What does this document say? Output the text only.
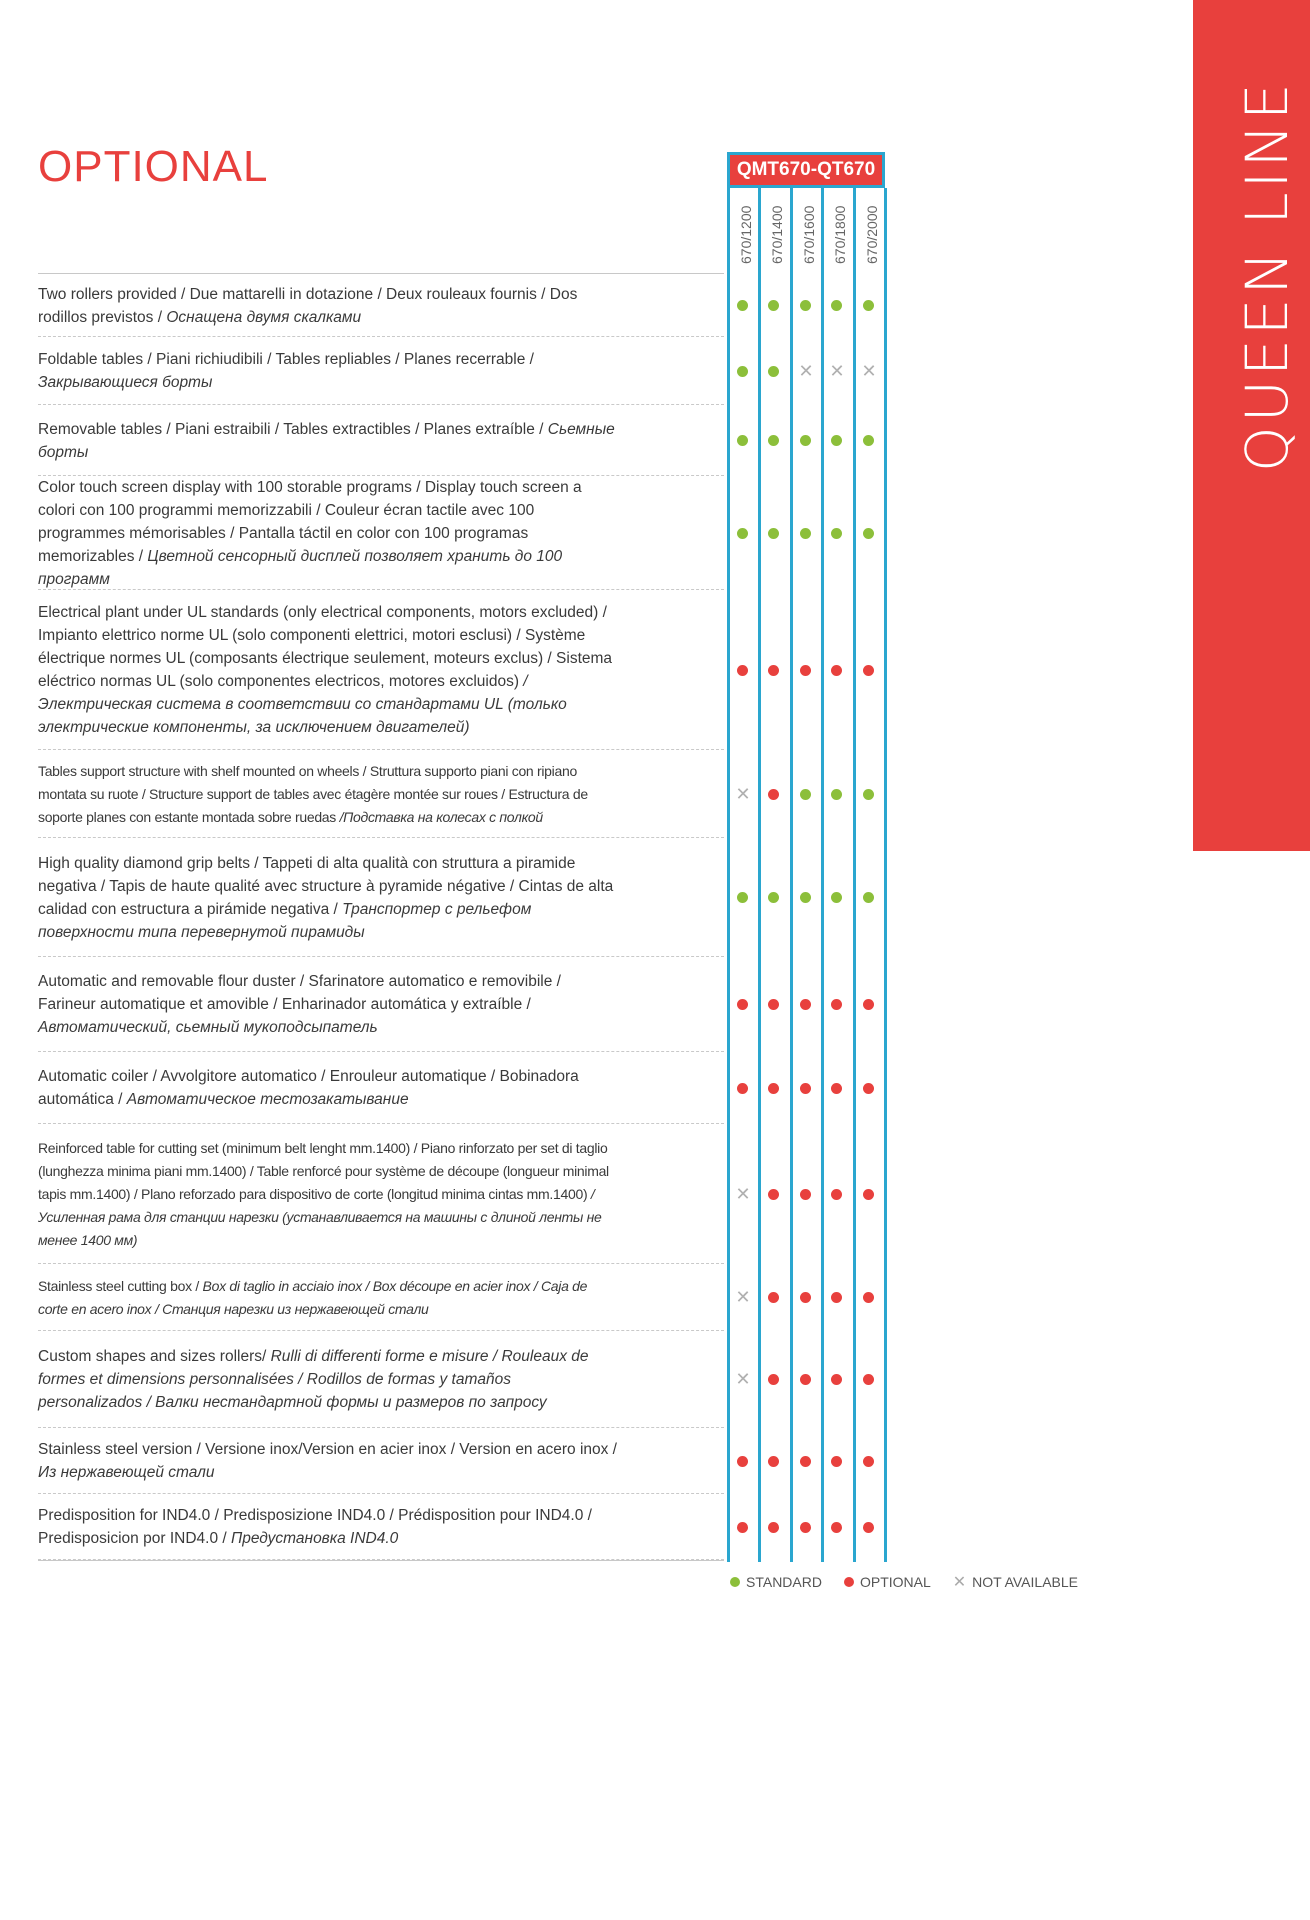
QUEEN LINE
OPTIONAL	QMT670-QT670
670/1200 670/1400 670/1600 670/1800 670/2000

Two rollers provided / Due mattarelli in dotazione / Deux rouleaux fournis / Dos rodillos previstos / Оснащена двумя скалками

Foldable tables / Piani richiudibili / Tables repliables / Planes recerrable / Закрывающиеся борты

Removable tables / Piani estraibili / Tables extractibles / Planes extraíble / Сьемные борты

Color touch screen display with 100 storable programs / Display touch screen a colori con 100 programmi memorizzabili / Couleur écran tactile avec 100 programmes mémorisables / Pantalla táctil en color con 100 programas memorizables / Цветной сенсорный дисплей позволяет хранить до 100 программ

Electrical plant under UL standards (only electrical components, motors excluded) / Impianto elettrico norme UL (solo componenti elettrici, motori esclusi) / Système électrique normes UL (composants électrique seulement, moteurs exclus) / Sistema eléctrico normas UL (solo componentes electricos, motores excluidos) / Электрическая система в соответствии со стандартами UL (только электрические компоненты, за исключением двигателей)

Tables support structure with shelf mounted on wheels / Struttura supporto piani con ripiano montata su ruote / Structure support de tables avec étagère montée sur roues / Estructura de soporte planes con estante montada sobre ruedas /Подставка на колесах с полкой

High quality diamond grip belts / Tappeti di alta qualità con struttura a piramide negativa / Tapis de haute qualité avec structure à pyramide négative / Cintas de alta calidad con estructura a pirámide negativa / Транспортер с рельефом поверхности типа перевернутой пирамиды

Automatic and removable flour duster / Sfarinatore automatico e removibile / Farineur automatique et amovible / Enharinador automática y extraíble / Автоматический, сьемный мукоподсыпатель

Automatic coiler / Avvolgitore automatico / Enrouleur automatique / Bobinadora automática / Автоматическое тестозакатывание

Reinforced table for cutting set (minimum belt lenght mm.1400) / Piano rinforzato per set di taglio (lunghezza minima piani mm.1400) / Table renforcé pour système de découpe (longueur minimal tapis mm.1400) / Plano reforzado para dispositivo de corte (longitud minima cintas mm.1400) / Усиленная рама для станции нарезки (устанавливается на машины с длиной ленты не менее 1400 мм)

Stainless steel cutting box / Box di taglio in acciaio inox / Box découpe en acier inox / Caja de corte en acero inox / Станция нарезки из нержавеющей стали

Custom shapes and sizes rollers/ Rulli di differenti forme e misure / Rouleaux de formes et dimensions personnalisées / Rodillos de formas y tamaños personalizados / Валки нестандартной формы и размеров по запросу

Stainless steel version / Versione inox/Version en acier inox / Version en acero inox / Из нержавеющей стали

Predisposition for IND4.0 / Predisposizione IND4.0 / Prédisposition pour IND4.0 / Predisposicion por IND4.0 / Предустановка IND4.0

STANDARD	OPTIONAL ✕ NOT AVAILABLE
✕ ✕ ✕
✕
✕
✕
✕
